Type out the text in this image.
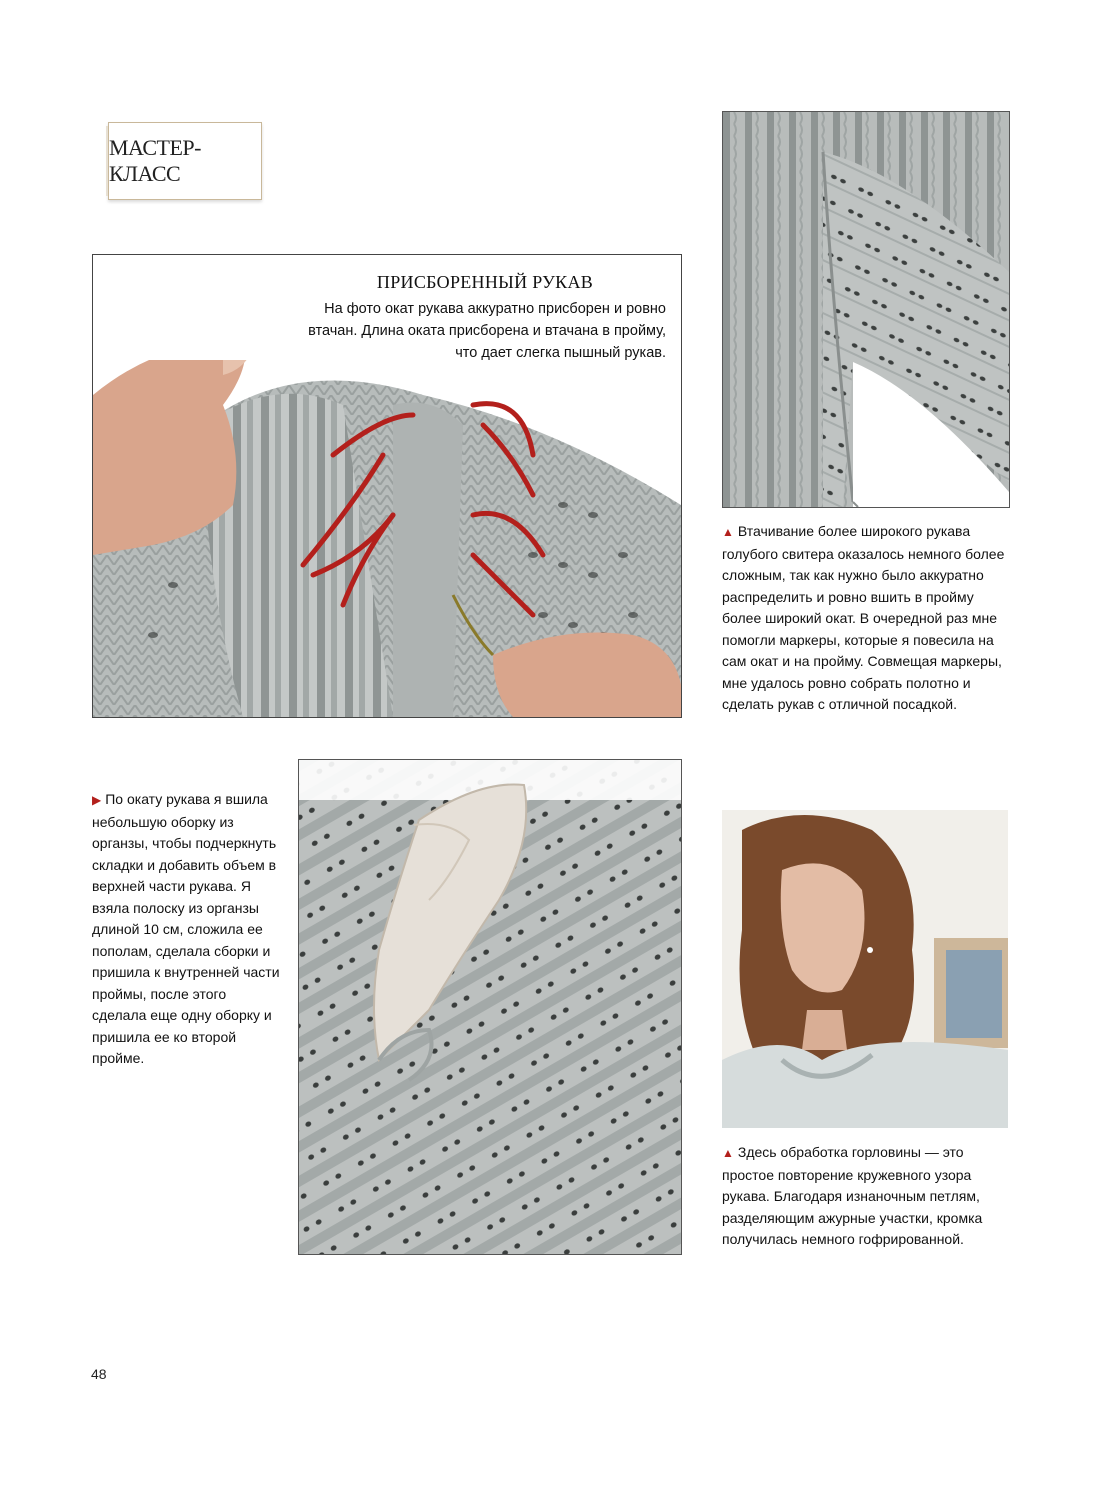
МАСТЕР-КЛАСС
ПРИСБОРЕННЫЙ РУКАВ
На фото окат рукава аккуратно присборен и ровно втачан. Длина оката присборена и втачана в пройму, что дает слегка пышный рукав.
▲ Втачивание более широкого рукава голубого свитера оказалось немного более сложным, так как нужно было аккуратно распределить и ровно вшить в пройму более широкий окат. В очередной раз мне помогли маркеры, которые я повесила на сам окат и на пройму. Совмещая маркеры, мне удалось ровно собрать полотно и сделать рукав с отличной посадкой.
▶ По окату рукава я вшила небольшую оборку из органзы, чтобы подчеркнуть складки и добавить объем в верхней части рукава. Я взяла полоску из органзы длиной 10 см, сложила ее пополам, сделала сборки и пришила к внутренней части проймы, после этого сделала еще одну оборку и пришила ее ко второй пройме.
▲ Здесь обработка горловины — это простое повторение кружевного узора рукава. Благодаря изнаночным петлям, разделяющим ажурные участки, кромка получилась немного гофрированной.
48
